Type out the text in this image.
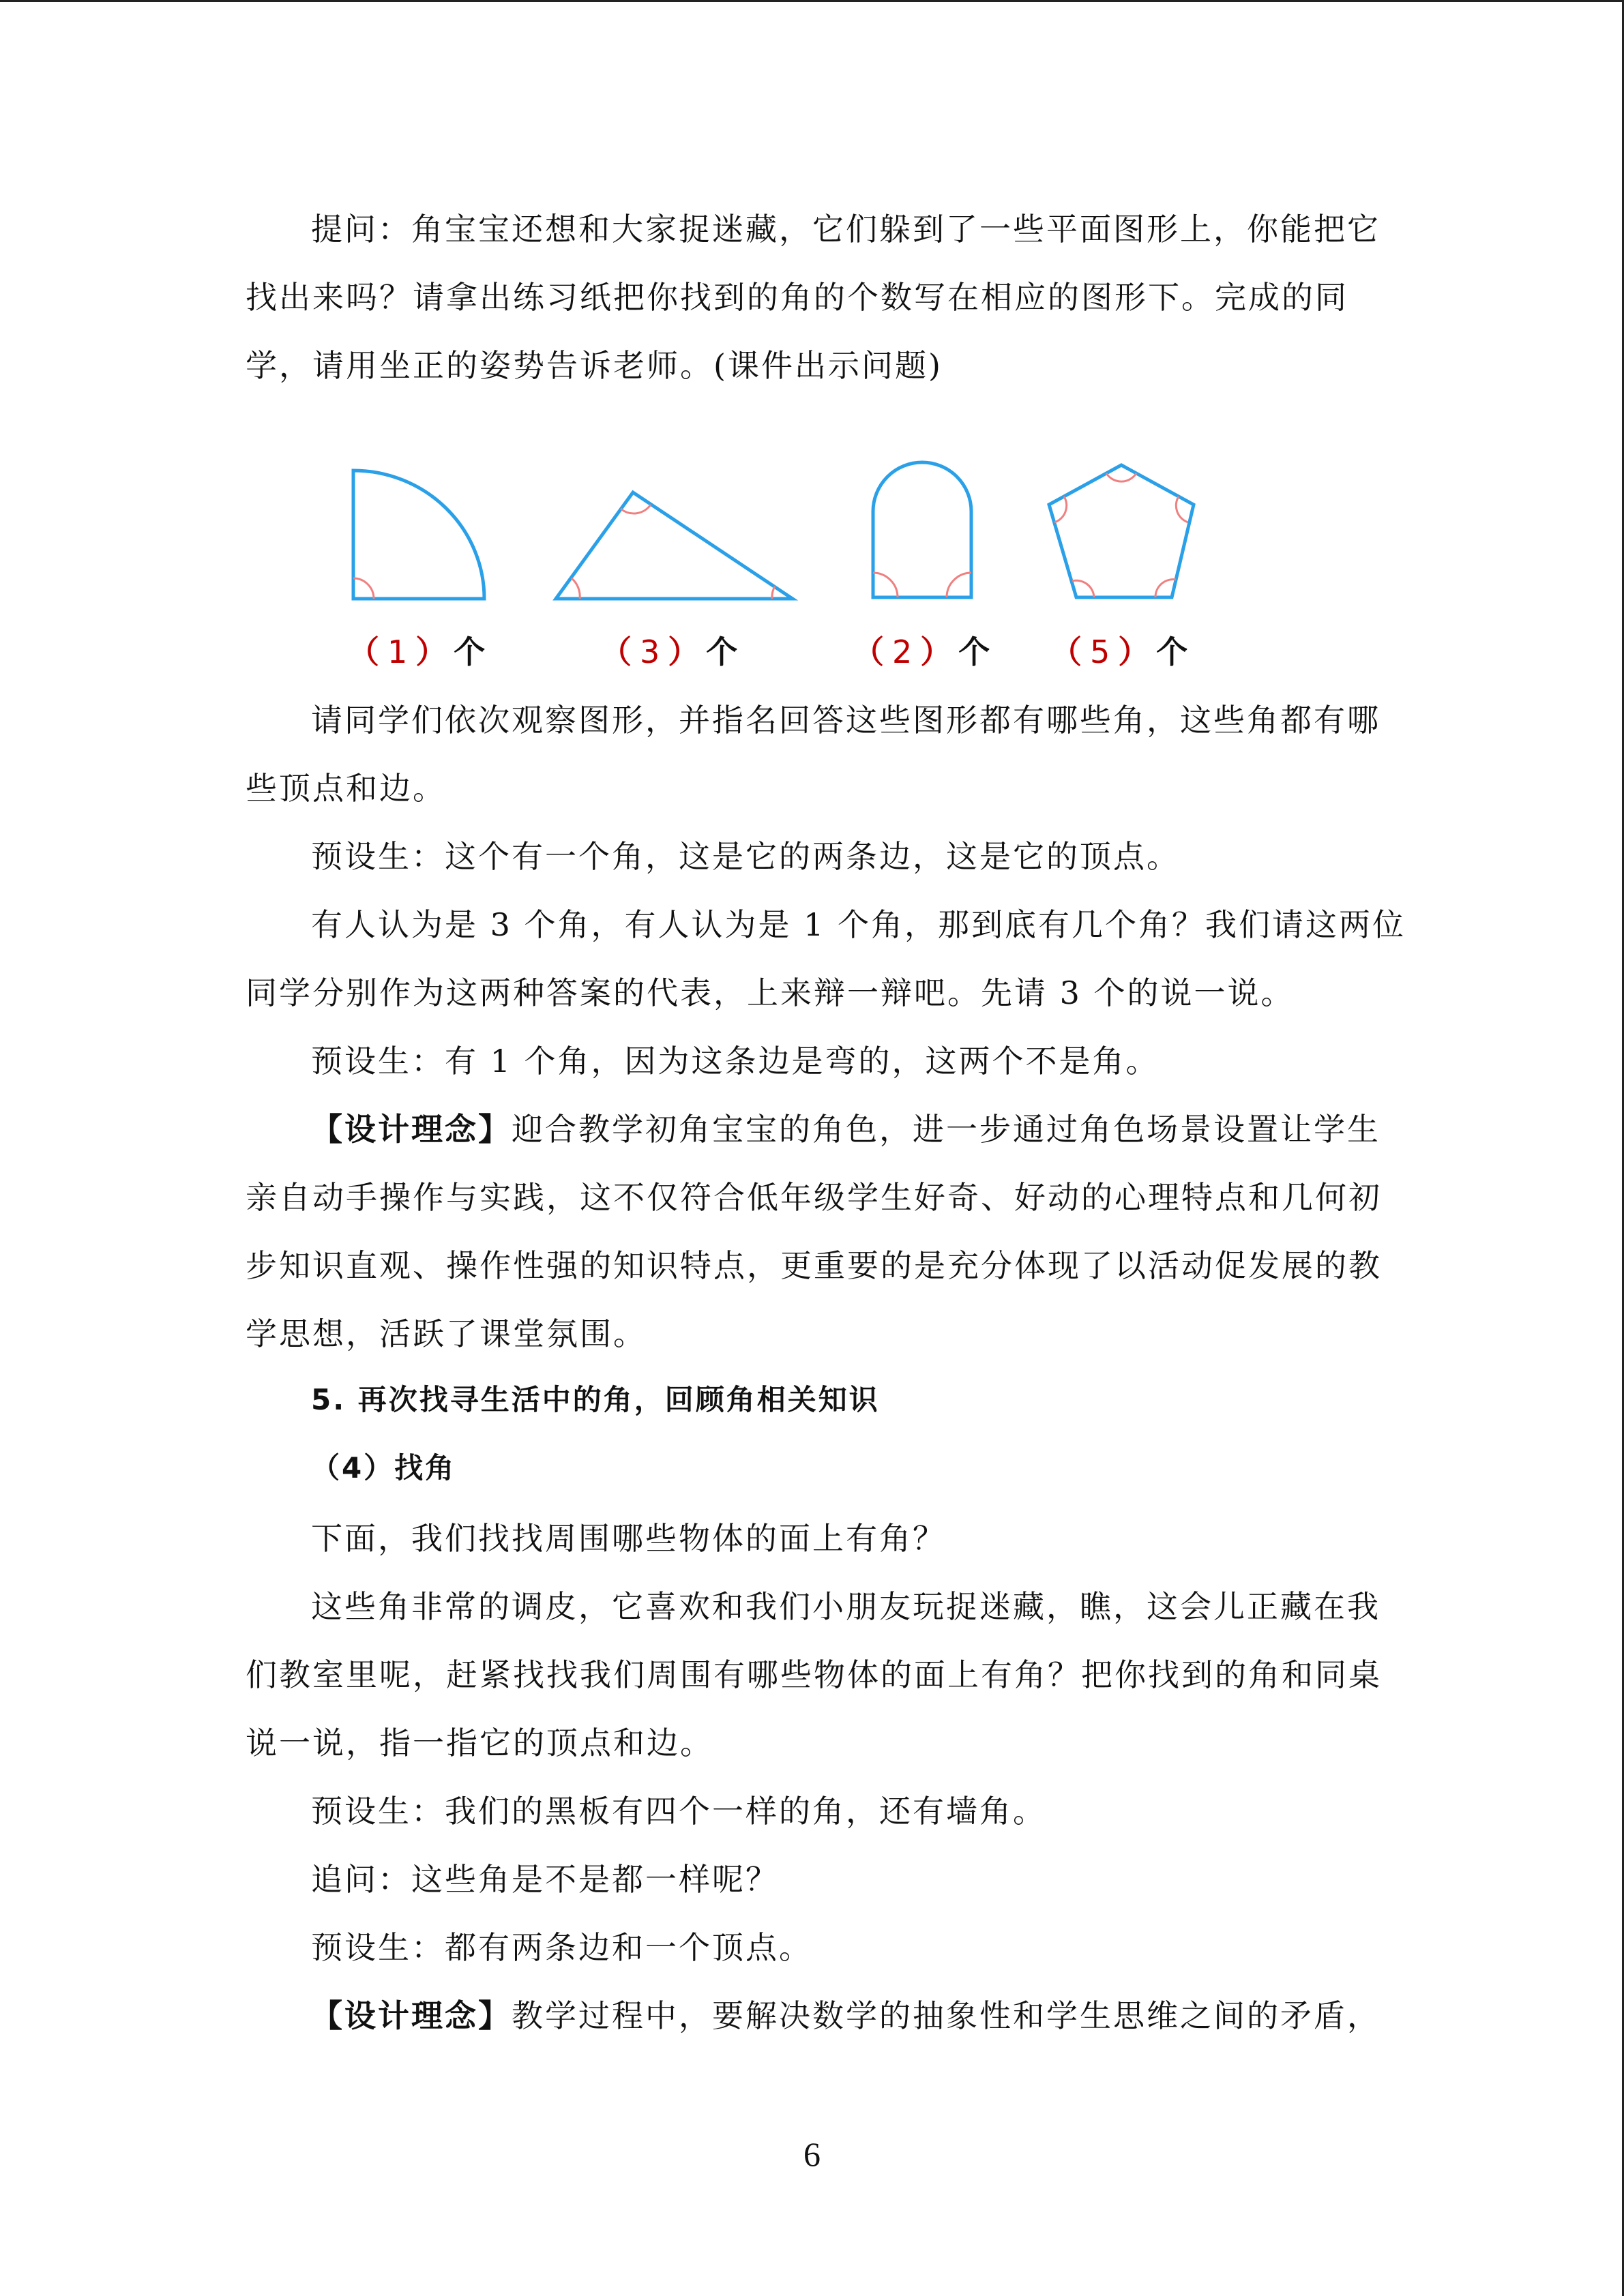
提问：角宝宝还想和大家捉迷藏，它们躲到了一些平面图形上，你能把它

找出来吗？请拿出练习纸把你找到的角的个数写在相应的图形下。完成的同

学，请用坐正的姿势告诉老师。(课件出示问题)

（ 1 ） 个	（ 3 ） 个	（ 2 ） 个 （ 5 ） 个

请同学们依次观察图形，并指名回答这些图形都有哪些角，这些角都有哪

些顶点和边。

预设生：这个有一个角，这是它的两条边，这是它的顶点。

有人认为是 3 个角，有人认为是 1 个角，那到底有几个角？我们请这两位

同学分别作为这两种答案的代表，上来辩一辩吧。先请 3 个的说一说。

预设生：有 1 个角，因为这条边是弯的，这两个不是角。

【设计理念】迎合教学初角宝宝的角色，进一步通过角色场景设置让学生

亲自动手操作与实践，这不仅符合低年级学生好奇、好动的心理特点和几何初

步知识直观、操作性强的知识特点，更重要的是充分体现了以活动促发展的教

学思想，活跃了课堂氛围。

5. 再次找寻生活中的角，回顾角相关知识

（4）找角

下面，我们找找周围哪些物体的面上有角？

这些角非常的调皮，它喜欢和我们小朋友玩捉迷藏，瞧，这会儿正藏在我

们教室里呢，赶紧找找我们周围有哪些物体的面上有角？把你找到的角和同桌

说一说，指一指它的顶点和边。

预设生：我们的黑板有四个一样的角，还有墙角。

追问：这些角是不是都一样呢？

预设生：都有两条边和一个顶点。

【设计理念】教学过程中，要解决数学的抽象性和学生思维之间的矛盾，

6
